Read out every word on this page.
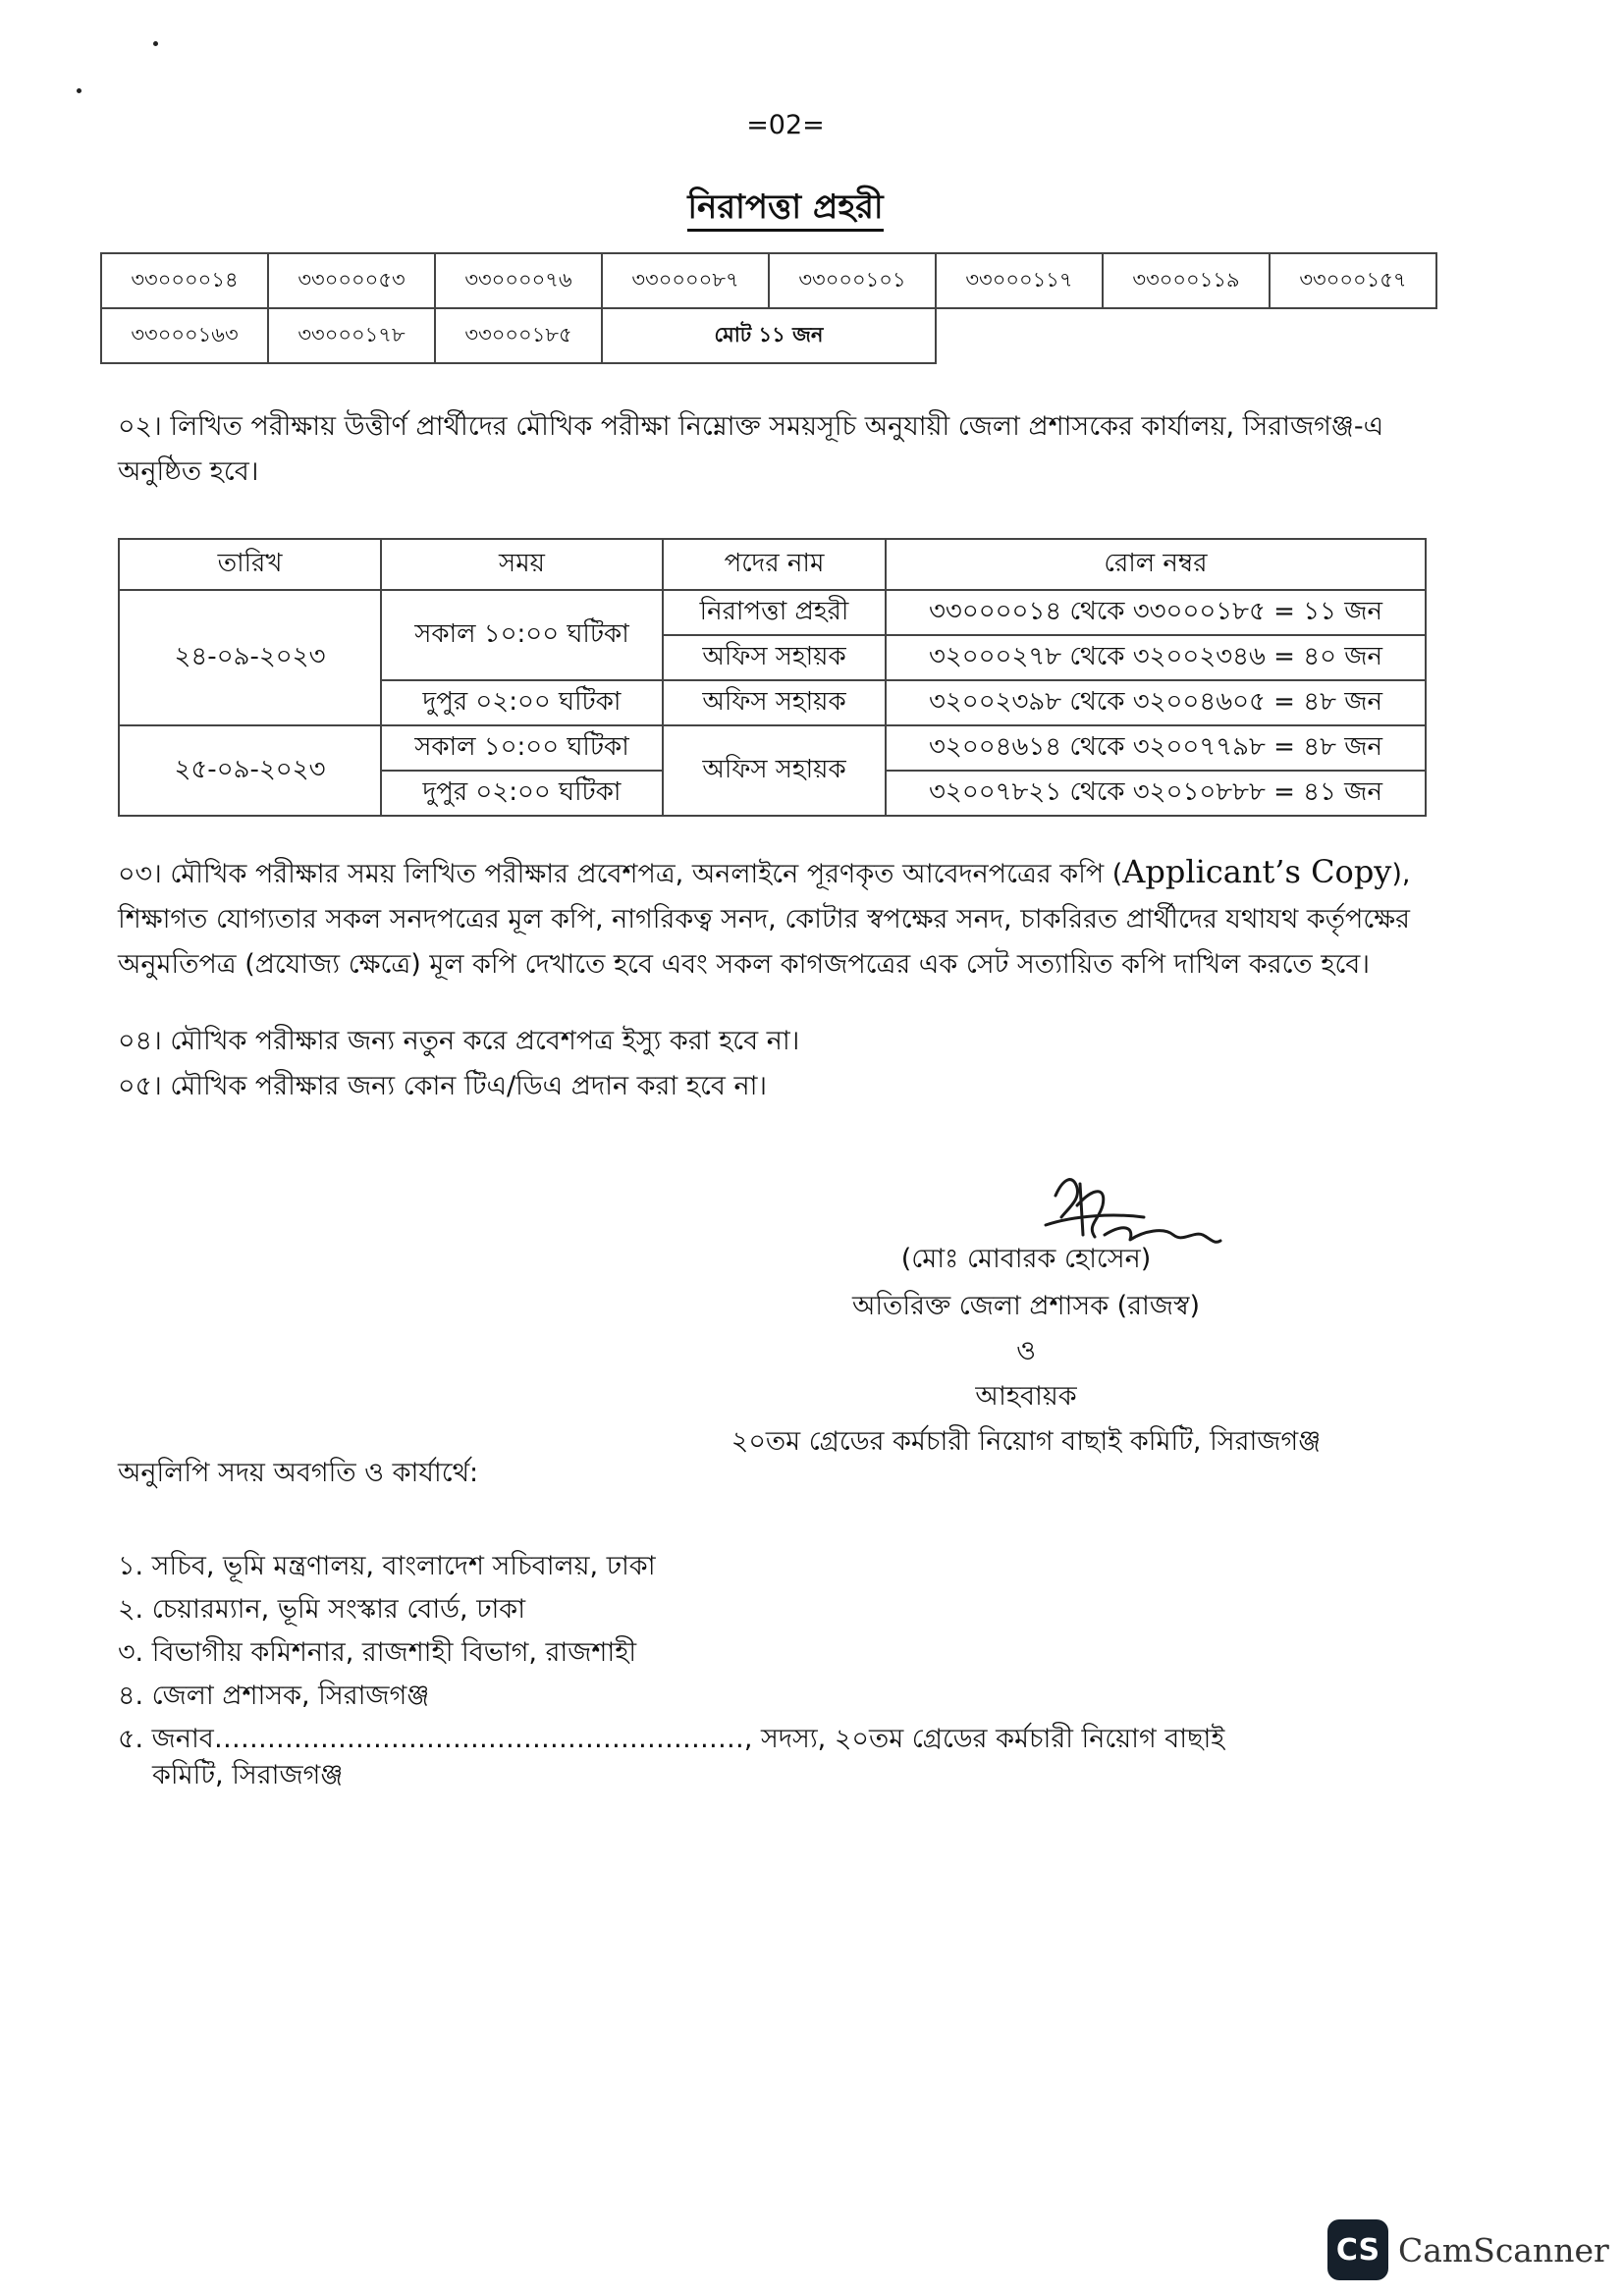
=02=
নিরাপত্তা প্রহরী
৩৩০০০০১৪	৩৩০০০০৫৩	৩৩০০০০৭৬	৩৩০০০০৮৭	৩৩০০০১০১	৩৩০০০১১৭	৩৩০০০১১৯	৩৩০০০১৫৭
৩৩০০০১৬৩	৩৩০০০১৭৮	৩৩০০০১৮৫	মোট ১১ জন				
০২। লিখিত পরীক্ষায় উত্তীর্ণ প্রার্থীদের মৌখিক পরীক্ষা নিম্নোক্ত সময়সূচি অনুযায়ী জেলা প্রশাসকের কার্যালয়, সিরাজগঞ্জ-এ অনুষ্ঠিত হবে।
তারিখ	সময়	পদের নাম	রোল নম্বর
২৪-০৯-২০২৩	সকাল ১০:০০ ঘটিকা	নিরাপত্তা প্রহরী	৩৩০০০০১৪ থেকে ৩৩০০০১৮৫ = ১১ জন
		অফিস সহায়ক	৩২০০০২৭৮ থেকে ৩২০০২৩৪৬ = ৪০ জন
	দুপুর ০২:০০ ঘটিকা	অফিস সহায়ক	৩২০০২৩৯৮ থেকে ৩২০০৪৬০৫ = ৪৮ জন
২৫-০৯-২০২৩	সকাল ১০:০০ ঘটিকা	অফিস সহায়ক	৩২০০৪৬১৪ থেকে ৩২০০৭৭৯৮ = ৪৮ জন
	দুপুর ০২:০০ ঘটিকা		৩২০০৭৮২১ থেকে ৩২০১০৮৮৮ = ৪১ জন
০৩। মৌখিক পরীক্ষার সময় লিখিত পরীক্ষার প্রবেশপত্র, অনলাইনে পূরণকৃত আবেদনপত্রের কপি (Applicant’s Copy), শিক্ষাগত যোগ্যতার সকল সনদপত্রের মূল কপি, নাগরিকত্ব সনদ, কোটার স্বপক্ষের সনদ, চাকরিরত প্রার্থীদের যথাযথ কর্তৃপক্ষের অনুমতিপত্র (প্রযোজ্য ক্ষেত্রে) মূল কপি দেখাতে হবে এবং সকল কাগজপত্রের এক সেট সত্যায়িত কপি দাখিল করতে হবে।
০৪। মৌখিক পরীক্ষার জন্য নতুন করে প্রবেশপত্র ইস্যু করা হবে না।
০৫। মৌখিক পরীক্ষার জন্য কোন টিএ/ডিএ প্রদান করা হবে না।
(মোঃ মোবারক হোসেন)
অতিরিক্ত জেলা প্রশাসক (রাজস্ব)
ও
আহবায়ক
২০তম গ্রেডের কর্মচারী নিয়োগ বাছাই কমিটি, সিরাজগঞ্জ
অনুলিপি সদয় অবগতি ও কার্যার্থে:
১. সচিব, ভূমি মন্ত্রণালয়, বাংলাদেশ সচিবালয়, ঢাকা
২. চেয়ারম্যান, ভূমি সংস্কার বোর্ড, ঢাকা
৩. বিভাগীয় কমিশনার, রাজশাহী বিভাগ, রাজশাহী
৪. জেলা প্রশাসক, সিরাজগঞ্জ
৫. জনাব……………………………………………………, সদস্য, ২০তম গ্রেডের কর্মচারী নিয়োগ বাছাই
কমিটি, সিরাজগঞ্জ
CS CamScanner
